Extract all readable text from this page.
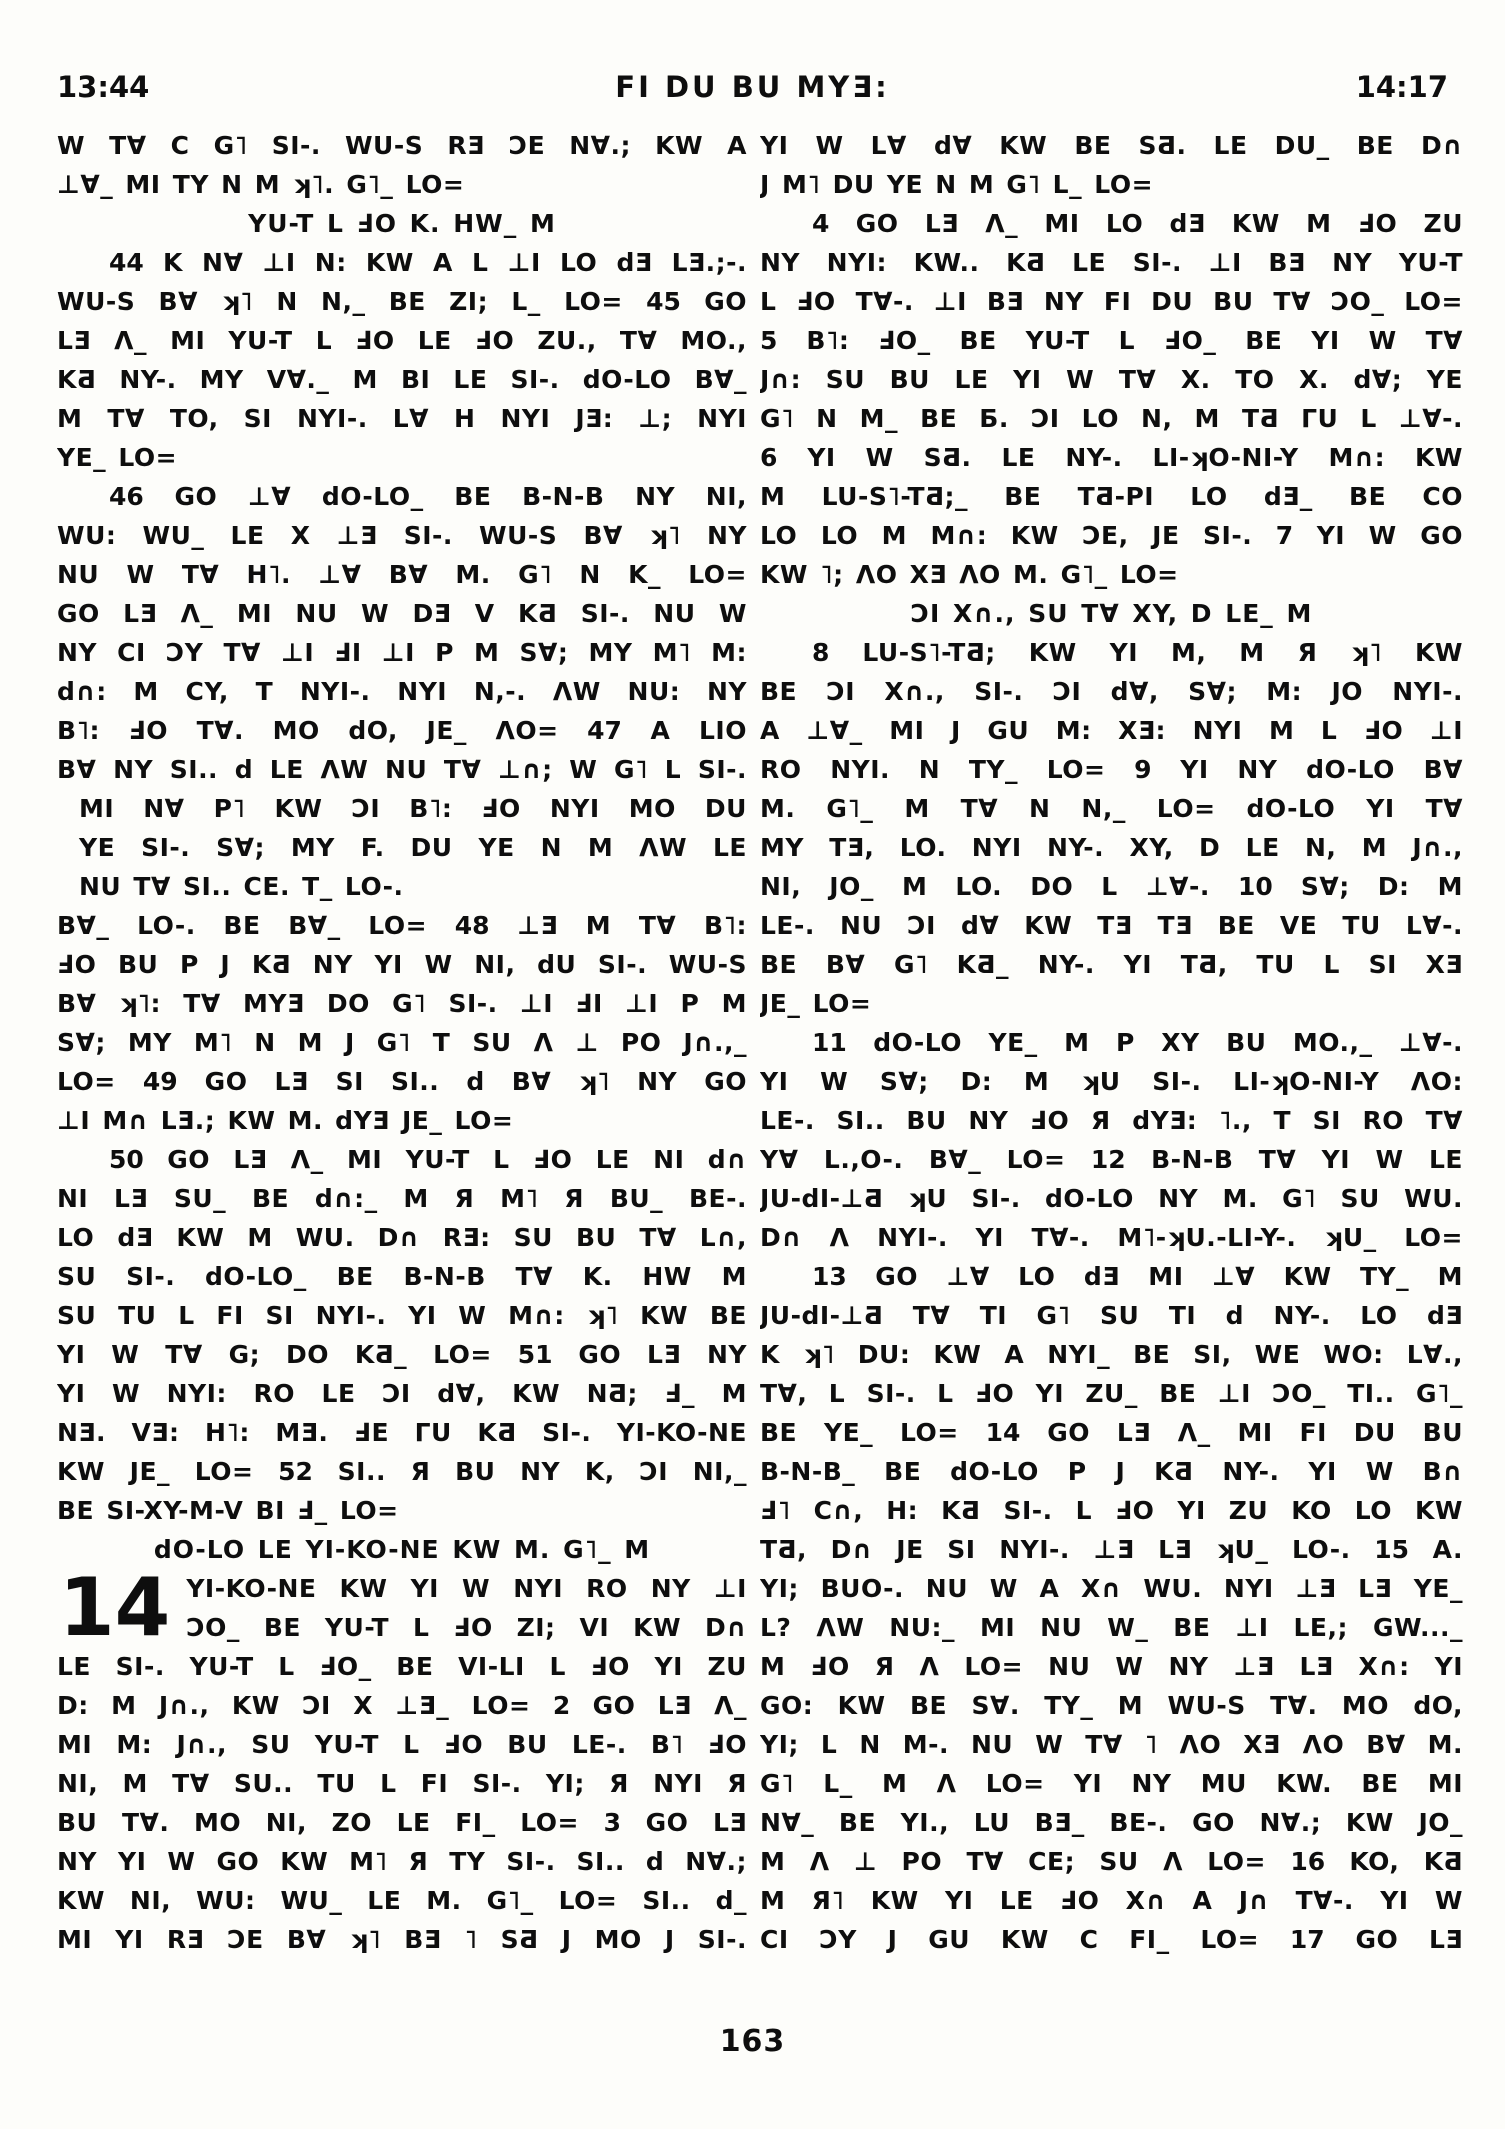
13:44	FI DU BU MYƎ:	14:17
W T∀ C G˥ SI-. WU-S RƎ ƆE N∀.; KW A
⊥∀_ MI TY N M ʞ˥. G˥_ LO=
YU-T L ℲO K. HW_ M
44 K N∀ ⊥I N: KW A L ⊥I LO dƎ LƎ.;-.
WU-S B∀ ʞ˥ N N,_ BE ZI; L_ LO= 45 GO
LƎ Λ_ MI YU-T L ℲO LE ℲO ZU., T∀ MO.,
KƋ NY-. MY V∀._ M BI LE SI-. dO-LO B∀_
M T∀ TO, SI NYI-. L∀ H NYI JƎ: ⊥; NYI
YE_ LO=
46 GO ⊥∀ dO-LO_ BE B-N-B NY NI,
WU: WU_ LE X ⊥Ǝ SI-. WU-S B∀ ʞ˥ NY
NU W T∀ H˥. ⊥∀ B∀ M. G˥ N K_ LO=
GO LƎ Λ_ MI NU W DƎ V KƋ SI-. NU W
NY CI ƆY T∀ ⊥I ℲI ⊥I P M S∀; MY M˥ M:
d∩: M CY, T NYI-. NYI N,-. ΛW NU: NY
B˥: ℲO T∀. MO dO, JE_ ΛO= 47 A LIO
B∀ NY SI.. d LE ΛW NU T∀ ⊥∩; W G˥ L SI-.
MI N∀ P˥ KW ƆI B˥: ℲO NYI MO DU
YE SI-. S∀; MY F. DU YE N M ΛW LE
NU T∀ SI.. CE. T_ LO-.
B∀_ LO-. BE B∀_ LO= 48 ⊥Ǝ M T∀ B˥:
ℲO BU P J KƋ NY YI W NI, dU SI-. WU-S
B∀ ʞ˥: T∀ MYƎ DO G˥ SI-. ⊥I ℲI ⊥I P M
S∀; MY M˥ N M J G˥ T SU Λ ⊥ PO J∩.,_
LO= 49 GO LƎ SI SI.. d B∀ ʞ˥ NY GO
⊥I M∩ LƎ.; KW M. dYƎ JE_ LO=
50 GO LƎ Λ_ MI YU-T L ℲO LE NI d∩
NI LƎ SU_ BE d∩:_ M Я M˥ Я BU_ BE-.
LO dƎ KW M WU. D∩ RƎ: SU BU T∀ L∩,
SU SI-. dO-LO_ BE B-N-B T∀ K. HW M
SU TU L FI SI NYI-. YI W M∩: ʞ˥ KW BE
YI W T∀ G; DO KƋ_ LO= 51 GO LƎ NY
YI W NYI: RO LE ƆI d∀, KW NƋ; Ⅎ_ M
NƎ. VƎ: H˥: MƎ. ℲE ΓU KƋ SI-. YI-KO-NE
KW JE_ LO= 52 SI.. Я BU NY K, ƆI NI,_
BE SI-XY-M-V BI Ⅎ_ LO=
dO-LO LE YI-KO-NE KW M. G˥_ M
14 YI-KO-NE KW YI W NYI RO NY ⊥I
ƆO_ BE YU-T L ℲO ZI; VI KW D∩
LE SI-. YU-T L ℲO_ BE VI-LI L ℲO YI ZU
D: M J∩., KW ƆI X ⊥Ǝ_ LO= 2 GO LƎ Λ_
MI M: J∩., SU YU-T L ℲO BU LE-. B˥ ℲO
NI, M T∀ SU.. TU L FI SI-. YI; Я NYI Я
BU T∀. MO NI, ZO LE FI_ LO= 3 GO LƎ
NY YI W GO KW M˥ Я TY SI-. SI.. d N∀.;
KW NI, WU: WU_ LE M. G˥_ LO= SI.. d_
MI YI RƎ ƆE B∀ ʞ˥ BƎ ˥ SƋ J MO J SI-.
YI W L∀ d∀ KW BE SƋ. LE DU_ BE D∩
J M˥ DU YE N M G˥ L_ LO=
4 GO LƎ Λ_ MI LO dƎ KW M ℲO ZU
NY NYI: KW.. KƋ LE SI-. ⊥I BƎ NY YU-T
L ℲO T∀-. ⊥I BƎ NY FI DU BU T∀ ƆO_ LO=
5 B˥: ℲO_ BE YU-T L ℲO_ BE YI W T∀
J∩: SU BU LE YI W T∀ X. TO X. d∀; YE
G˥ N M_ BE Ƃ. ƆI LO N, M TƋ ΓU L ⊥∀-.
6 YI W SƋ. LE NY-. LI-ʞO-NI-Y M∩: KW
M LU-S˥-TƋ;_ BE TƋ-PI LO dƎ_ BE CO
LO LO M M∩: KW ƆE, JE SI-. 7 YI W GO
KW ˥; ΛO XƎ ΛO M. G˥_ LO=
ƆI X∩., SU T∀ XY, D LE_ M
8 LU-S˥-TƋ; KW YI M, M Я ʞ˥ KW
BE ƆI X∩., SI-. ƆI d∀, S∀; M: JO NYI-.
A ⊥∀_ MI J GU M: XƎ: NYI M L ℲO ⊥I
RO NYI. N TY_ LO= 9 YI NY dO-LO B∀
M. G˥_ M T∀ N N,_ LO= dO-LO YI T∀
MY TƎ, LO. NYI NY-. XY, D LE N, M J∩.,
NI, JO_ M LO. DO L ⊥∀-. 10 S∀; D: M
LE-. NU ƆI d∀ KW TƎ TƎ BE VE TU L∀-.
BE B∀ G˥ KƋ_ NY-. YI TƋ, TU L SI XƎ
JE_ LO=
11 dO-LO YE_ M P XY BU MO.,_ ⊥∀-.
YI W S∀; D: M ʞU SI-. LI-ʞO-NI-Y ΛO:
LE-. SI.. BU NY ℲO Я dYƎ: ˥., T SI RO T∀
Y∀ L.,O-. B∀_ LO= 12 B-N-B T∀ YI W LE
JU-dI-⊥Ƌ ʞU SI-. dO-LO NY M. G˥ SU WU.
D∩ Λ NYI-. YI T∀-. M˥-ʞU.-LI-Y-. ʞU_ LO=
13 GO ⊥∀ LO dƎ MI ⊥∀ KW TY_ M
JU-dI-⊥Ƌ T∀ TI G˥ SU TI d NY-. LO dƎ
K ʞ˥ DU: KW A NYI_ BE SI, WE WO: L∀.,
T∀, L SI-. L ℲO YI ZU_ BE ⊥I ƆO_ TI.. G˥_
BE YE_ LO= 14 GO LƎ Λ_ MI FI DU BU
B-N-B_ BE dO-LO P J KƋ NY-. YI W B∩
Ⅎ˥ C∩, H: KƋ SI-. L ℲO YI ZU KO LO KW
TƋ, D∩ JE SI NYI-. ⊥Ǝ LƎ ʞU_ LO-. 15 A.
YI; BUO-. NU W A X∩ WU. NYI ⊥Ǝ LƎ YE_
L? ΛW NU:_ MI NU W_ BE ⊥I LE,; GW..._
M ℲO Я Λ LO= NU W NY ⊥Ǝ LƎ X∩: YI
GO: KW BE S∀. TY_ M WU-S T∀. MO dO,
YI; L N M-. NU W T∀ ˥ ΛO XƎ ΛO B∀ M.
G˥ L_ M Λ LO= YI NY MU KW. BE MI
N∀_ BE YI., LU BƎ_ BE-. GO N∀.; KW JO_
M Λ ⊥ PO T∀ CE; SU Λ LO= 16 KO, KƋ
M Я˥ KW YI LE ℲO X∩ A J∩ T∀-. YI W
CI ƆY J GU KW C FI_ LO= 17 GO LƎ
163
